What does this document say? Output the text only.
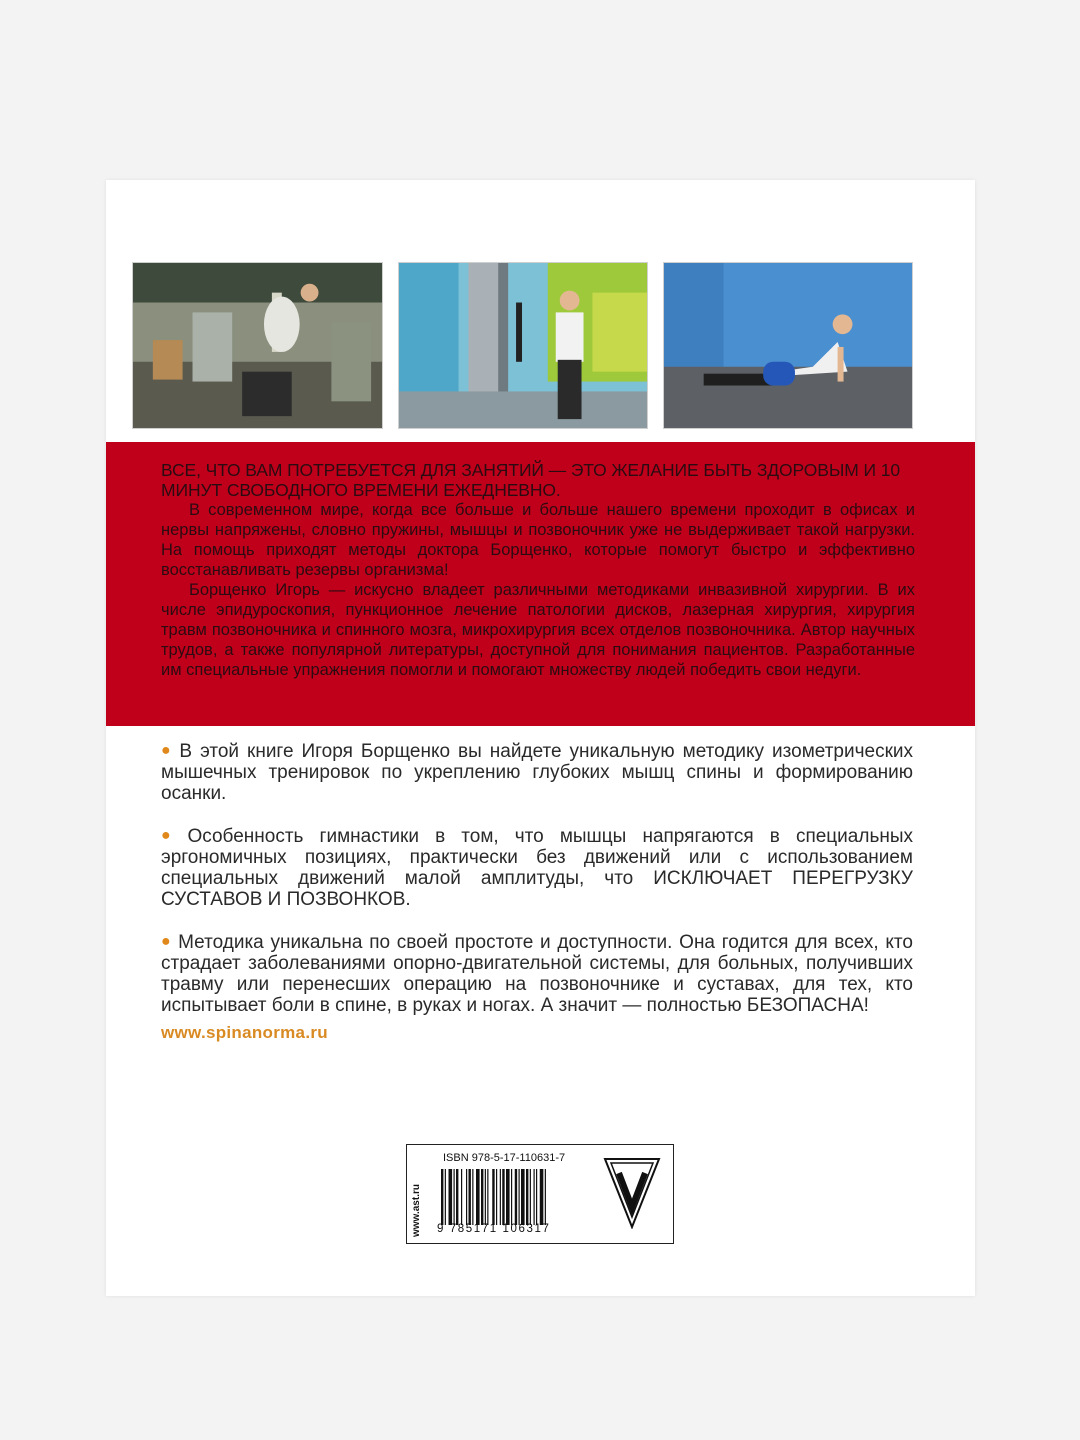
ВСЕ, ЧТО ВАМ ПОТРЕБУЕТСЯ ДЛЯ ЗАНЯТИЙ — ЭТО ЖЕЛАНИЕ БЫТЬ ЗДОРОВЫМ И 10 МИНУТ СВОБОДНОГО ВРЕМЕНИ ЕЖЕДНЕВНО.

В современном мире, когда все больше и больше нашего времени проходит в офисах и нервы напряжены, словно пружины, мышцы и позвоночник уже не выдерживает такой нагрузки. На помощь приходят методы доктора Борщенко, которые помогут быстро и эффективно восстанавливать резервы организма!

Борщенко Игорь — искусно владеет различными методиками инвазивной хирургии. В их числе эпидуроскопия, пункционное лечение патологии дисков, лазерная хирургия, хирургия травм позвоночника и спинного мозга, микрохирургия всех отделов позвоночника. Автор научных трудов, а также популярной литературы, доступной для понимания пациентов. Разработанные им специальные упражнения помогли и помогают множеству людей победить свои недуги.

● В этой книге Игоря Борщенко вы найдете уникальную методику изометрических мышечных тренировок по укреплению глубоких мышц спины и формированию осанки.
● Особенность гимнастики в том, что мышцы напрягаются в специальных эргономичных позициях, практически без движений или с использованием специальных движений малой амплитуды, что ИСКЛЮЧАЕТ ПЕРЕГРУЗКУ СУСТАВОВ И ПОЗВОНКОВ.
● Методика уникальна по своей простоте и доступности. Она годится для всех, кто страдает заболеваниями опорно-двигательной системы, для больных, получивших травму или перенесших операцию на позвоночнике и суставах, для тех, кто испытывает боли в спине, в руках и ногах. А значит — полностью БЕЗОПАСНА!
www.spinanorma.ru
www.ast.ru
ISBN 978-5-17-110631-7
9 785171 106317
